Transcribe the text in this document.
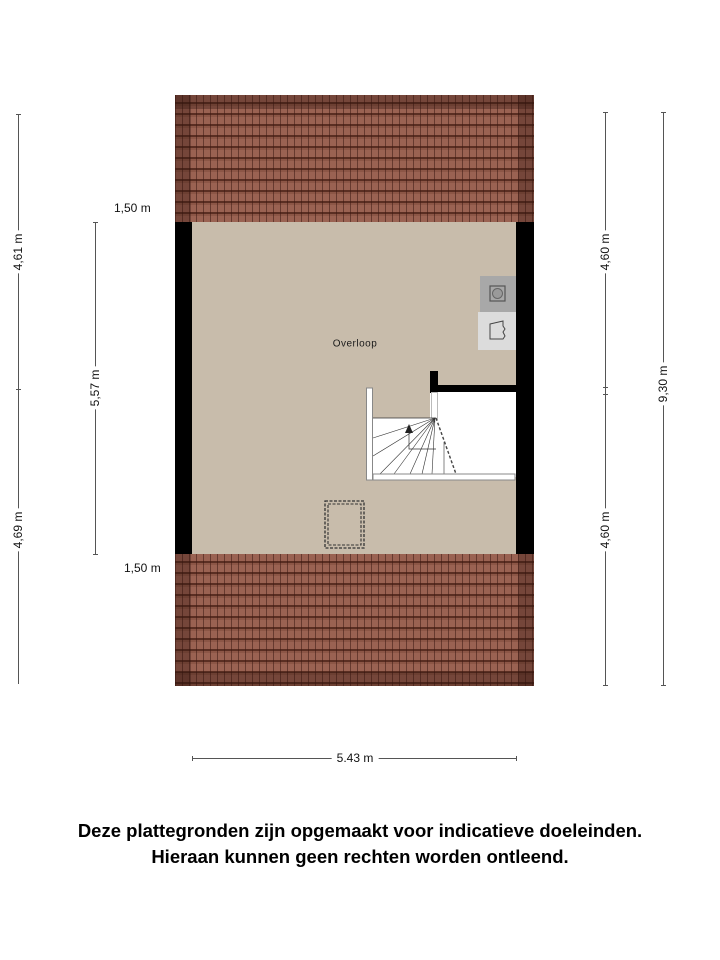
Overloop
4,61 m
4,69 m
5,57 m
1,50 m
1,50 m
4,60 m
4,60 m
9,30 m
5.43 m
Deze plattegronden zijn opgemaakt voor indicatieve doeleinden.
Hieraan kunnen geen rechten worden ontleend.
